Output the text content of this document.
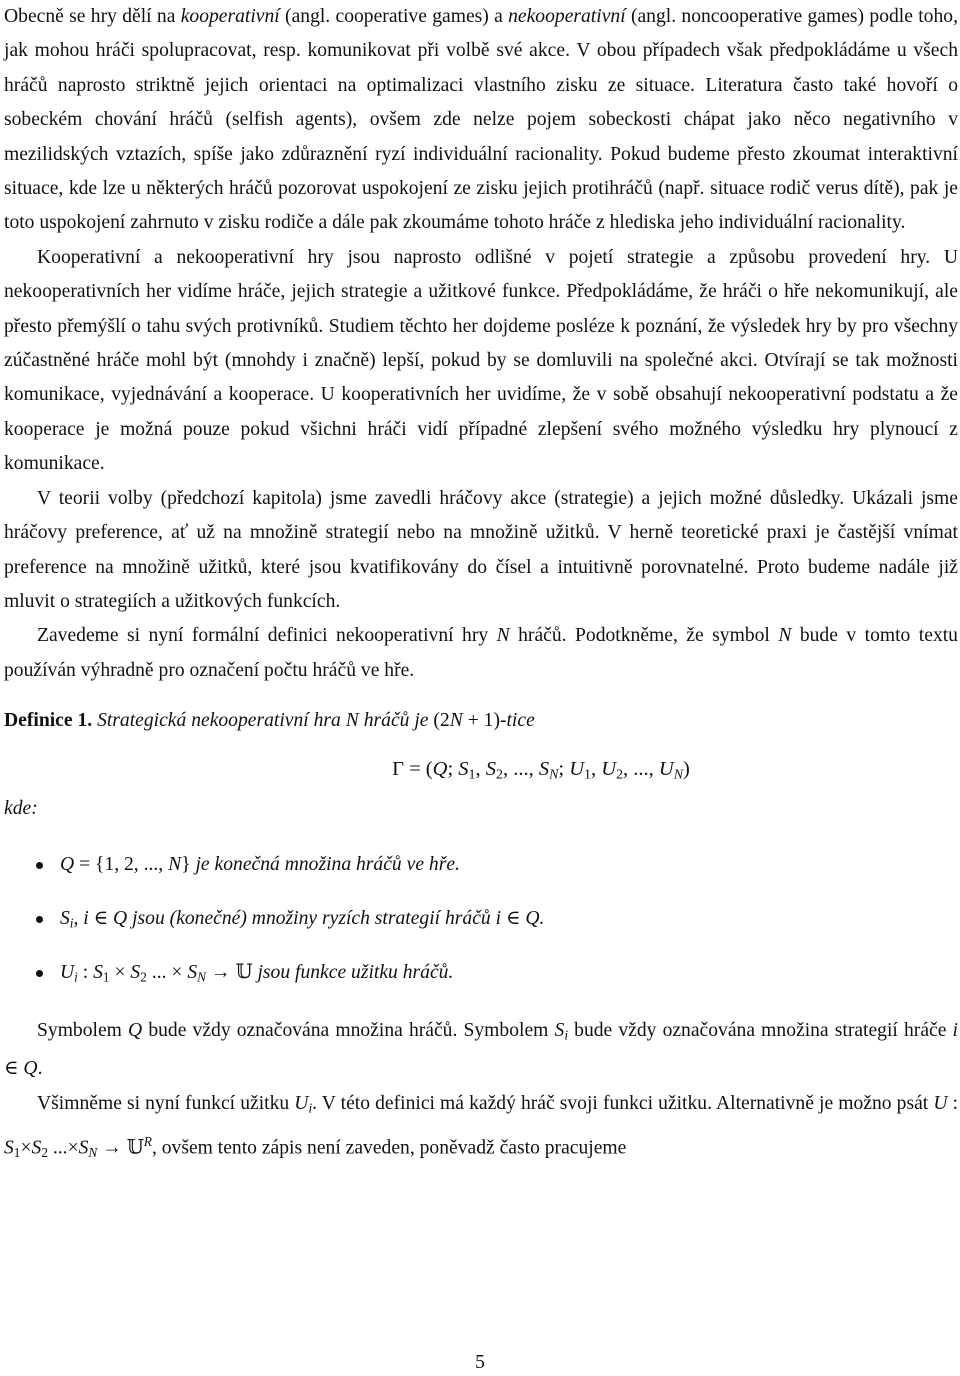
Obecně se hry dělí na kooperativní (angl. cooperative games) a nekooperativní (angl. noncooperative games) podle toho, jak mohou hráči spolupracovat, resp. komunikovat při volbě své akce. V obou případech však předpokládáme u všech hráčů naprosto striktně jejich orientaci na optimalizaci vlastního zisku ze situace. Literatura často také hovoří o sobeckém chování hráčů (selfish agents), ovšem zde nelze pojem sobeckosti chápat jako něco negativního v mezilidských vztazích, spíše jako zdůraznění ryzí individuální racionality. Pokud budeme přesto zkoumat interaktivní situace, kde lze u některých hráčů pozorovat uspokojení ze zisku jejich protihráčů (např. situace rodič verus dítě), pak je toto uspokojení zahrnuto v zisku rodiče a dále pak zkoumáme tohoto hráče z hlediska jeho individuální racionality.

Kooperativní a nekooperativní hry jsou naprosto odlišné v pojetí strategie a způsobu provedení hry. U nekooperativních her vidíme hráče, jejich strategie a užitkové funkce. Předpokládáme, že hráči o hře nekomunikují, ale přesto přemýšlí o tahu svých protivníků. Studiem těchto her dojdeme posléze k poznání, že výsledek hry by pro všechny zúčastněné hráče mohl být (mnohdy i značně) lepší, pokud by se domluvili na společné akci. Otvírají se tak možnosti komunikace, vyjednávání a kooperace. U kooperativních her uvidíme, že v sobě obsahují nekooperativní podstatu a že kooperace je možná pouze pokud všichni hráči vidí případné zlepšení svého možného výsledku hry plynoucí z komunikace.

V teorii volby (předchozí kapitola) jsme zavedli hráčovy akce (strategie) a jejich možné důsledky. Ukázali jsme hráčovy preference, ať už na množině strategií nebo na množině užitků. V herně teoretické praxi je častější vnímat preference na množině užitků, které jsou kvatifikovány do čísel a intuitivně porovnatelné. Proto budeme nadále již mluvit o strategiích a užitkových funkcích.

Zavedeme si nyní formální definici nekooperativní hry N hráčů. Podotkněme, že symbol N bude v tomto textu používán výhradně pro označení počtu hráčů ve hře.

Definice 1. Strategická nekooperativní hra N hráčů je (2N + 1)-tice
Γ = (Q; $S_1$, $S_2$, ..., $S_N$; $U_1$, $U_2$, ..., $U_N$)
kde:
Q = {1, 2, ..., N} je konečná množina hráčů ve hře.
$S_i$, i ∈ Q jsou (konečné) množiny ryzích strategií hráčů i ∈ Q.
$U_i$ : $S_1 \times S_2$ ... × $S_N$ → 𝕌 jsou funkce užitku hráčů.

Symbolem Q bude vždy označována množina hráčů. Symbolem $S_i$ bude vždy označována množina strategií hráče i ∈ Q.

Všimněme si nyní funkcí užitku $U_i$. V této definici má každý hráč svoji funkci užitku. Alternativně je možno psát U : $S_1\times S_2$ $...\times S_N$ → 𝕌$^R$, ovšem tento zápis není zaveden, poněvadž často pracujeme

5
